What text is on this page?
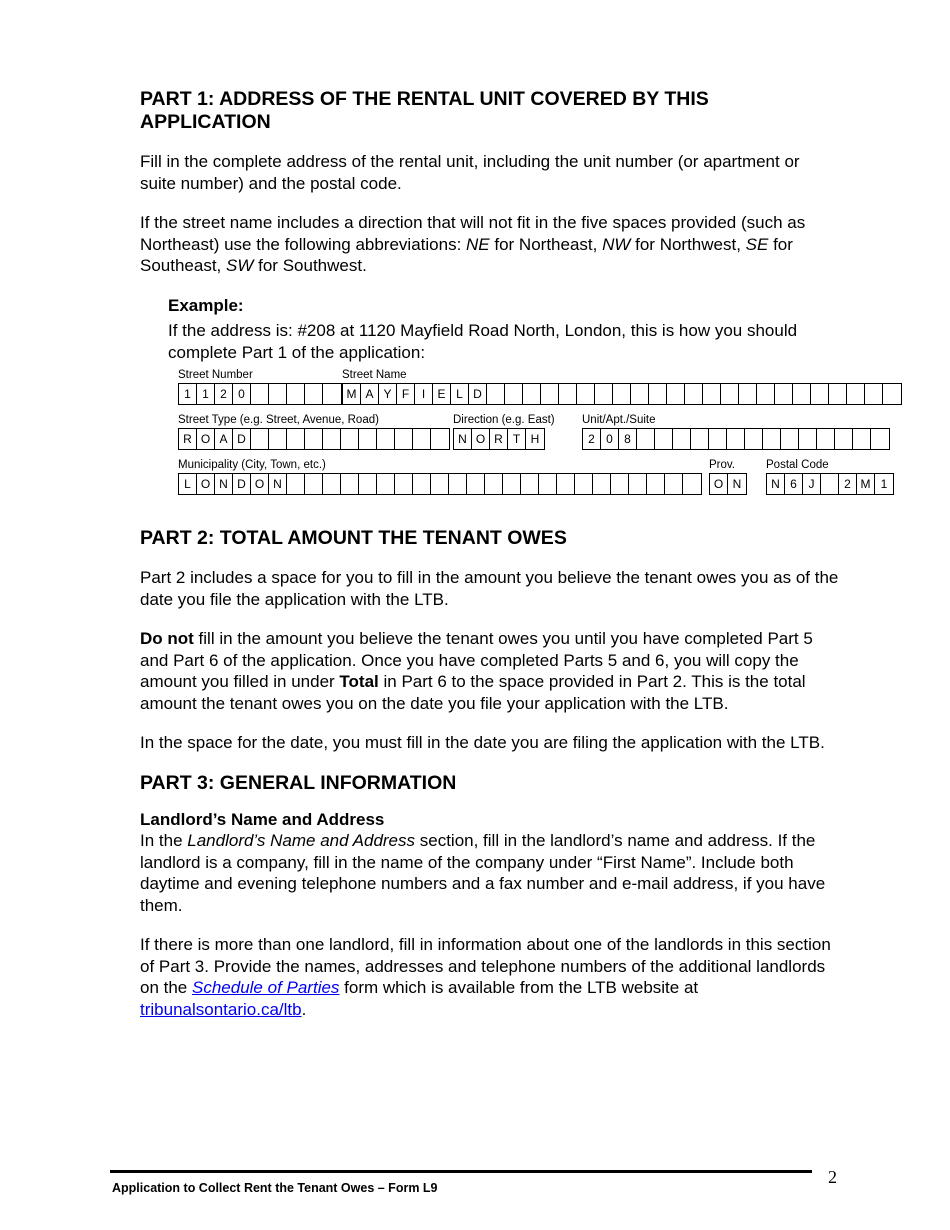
PART 1: ADDRESS OF THE RENTAL UNIT COVERED BY THIS APPLICATION

Fill in the complete address of the rental unit, including the unit number (or apartment or suite number) and the postal code.

If the street name includes a direction that will not fit in the five spaces provided (such as Northeast) use the following abbreviations: NE for Northeast, NW for Northwest, SE for Southeast, SW for Southwest.

Example:

If the address is: #208 at 1120 Mayfield Road North, London, this is how you should complete Part 1 of the application:

Street Number
1 1 2 0
Street Name
M A Y F	I	E L D
Street Type (e.g. Street, Avenue, Road)
R O A D
Direction (e.g. East)
N O R T H
Unit/Apt./Suite
2 0 8
Municipality (City, Town, etc.)
L O N D O N
Prov.
O N
Postal Code
N 6 J	2 M 1
PART 2: TOTAL AMOUNT THE TENANT OWES

Part 2 includes a space for you to fill in the amount you believe the tenant owes you as of the date you file the application with the LTB.

Do not fill in the amount you believe the tenant owes you until you have completed Part 5 and Part 6 of the application. Once you have completed Parts 5 and 6, you will copy the amount you filled in under Total in Part 6 to the space provided in Part 2. This is the total amount the tenant owes you on the date you file your application with the LTB.

In the space for the date, you must fill in the date you are filing the application with the LTB.

PART 3: GENERAL INFORMATION
Landlord’s Name and Address

In the Landlord’s Name and Address section, fill in the landlord’s name and address. If the landlord is a company, fill in the name of the company under “First Name”. Include both daytime and evening telephone numbers and a fax number and e-mail address, if you have them.

If there is more than one landlord, fill in information about one of the landlords in this section of Part 3. Provide the names, addresses and telephone numbers of the additional landlords on the Schedule of Parties form which is available from the LTB website at tribunalsontario.ca/ltb.

Application to Collect Rent the Tenant Owes – Form L9
2
